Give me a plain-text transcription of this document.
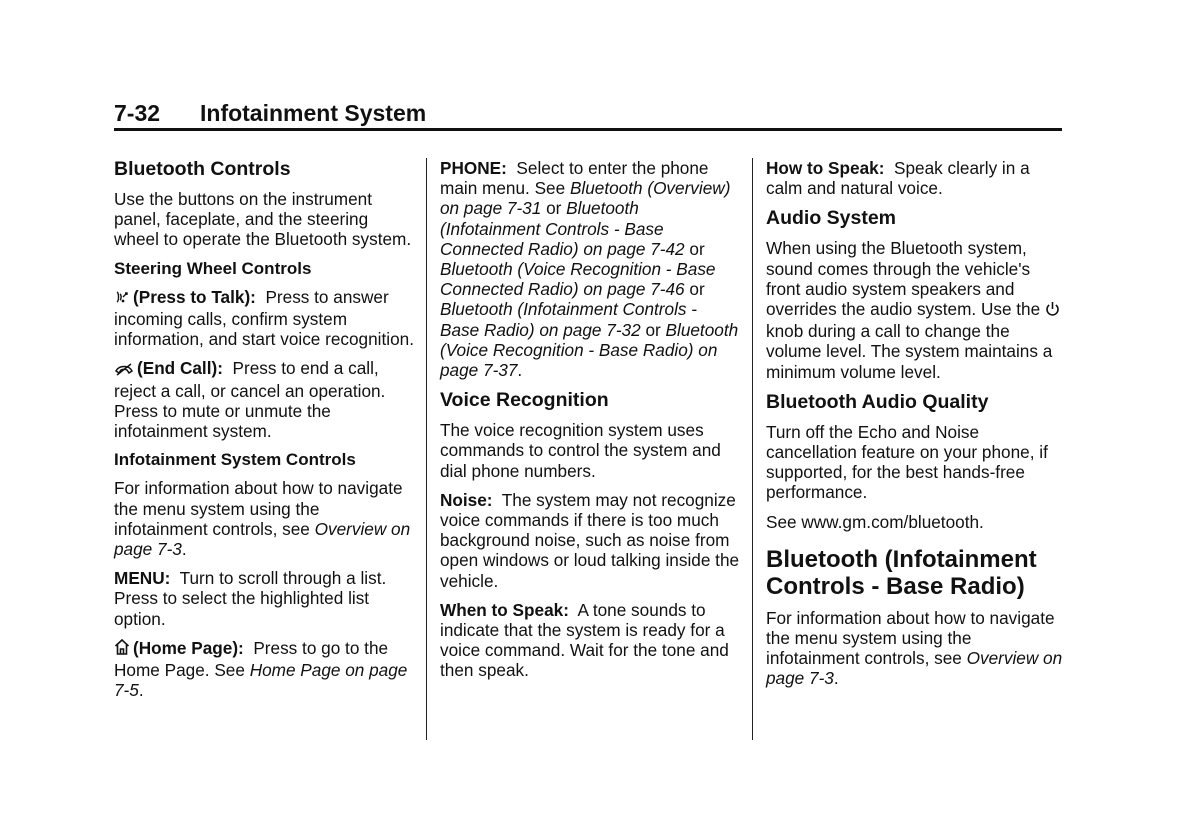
7-32 Infotainment System
Bluetooth Controls

Use the buttons on the instrument panel, faceplate, and the steering wheel to operate the Bluetooth system.

Steering Wheel Controls

(Press to Talk): Press to answer incoming calls, confirm system information, and start voice recognition.

(End Call): Press to end a call, reject a call, or cancel an operation. Press to mute or unmute the infotainment system.

Infotainment System Controls

For information about how to navigate the menu system using the infotainment controls, see Overview on page 7-3.

MENU: Turn to scroll through a list. Press to select the highlighted list option.

(Home Page): Press to go to the Home Page. See Home Page on page 7-5.

PHONE: Select to enter the phone main menu. See Bluetooth (Overview) on page 7-31 or Bluetooth (Infotainment Controls - Base Connected Radio) on page 7-42 or Bluetooth (Voice Recognition - Base Connected Radio) on page 7-46 or Bluetooth (Infotainment Controls - Base Radio) on page 7-32 or Bluetooth (Voice Recognition - Base Radio) on page 7-37.

Voice Recognition

The voice recognition system uses commands to control the system and dial phone numbers.

Noise: The system may not recognize voice commands if there is too much background noise, such as noise from open windows or loud talking inside the vehicle.

When to Speak: A tone sounds to indicate that the system is ready for a voice command. Wait for the tone and then speak.

How to Speak: Speak clearly in a calm and natural voice.

Audio System

When using the Bluetooth system, sound comes through the vehicle's front audio system speakers and overrides the audio system. Use the knob during a call to change the volume level. The system maintains a minimum volume level.

Bluetooth Audio Quality

Turn off the Echo and Noise cancellation feature on your phone, if supported, for the best hands-free performance.

See www.gm.com/bluetooth.

Bluetooth (Infotainment Controls - Base Radio)

For information about how to navigate the menu system using the infotainment controls, see Overview on page 7-3.
